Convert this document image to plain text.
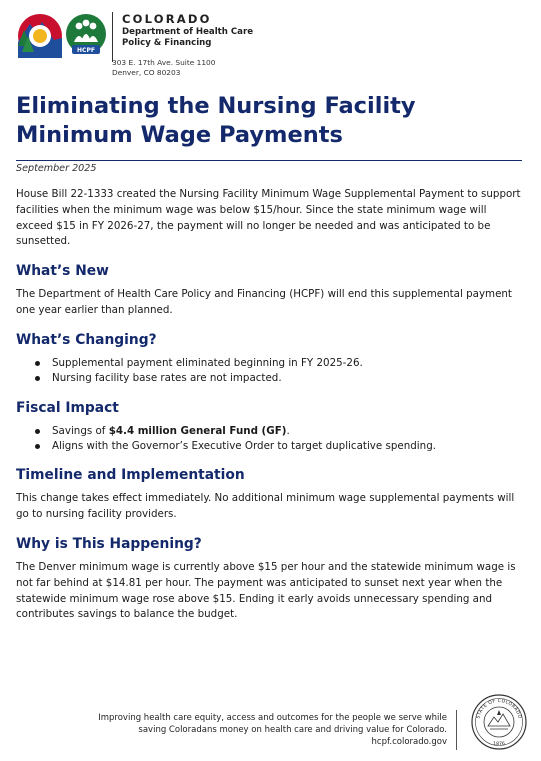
HCPF
COLORADO
Department of Health Care
Policy & Financing
303 E. 17th Ave. Suite 1100
Denver, CO 80203
Eliminating the Nursing Facility Minimum Wage Payments
September 2025

House Bill 22-1333 created the Nursing Facility Minimum Wage Supplemental Payment to support facilities when the minimum wage was below $15/hour. Since the state minimum wage will exceed $15 in FY 2026-27, the payment will no longer be needed and was anticipated to be sunsetted.

What’s New

The Department of Health Care Policy and Financing (HCPF) will end this supplemental payment one year earlier than planned.

What’s Changing?
Supplemental payment eliminated beginning in FY 2025-26.
Nursing facility base rates are not impacted.
Fiscal Impact
Savings of $4.4 million General Fund (GF).
Aligns with the Governor’s Executive Order to target duplicative spending.
Timeline and Implementation

This change takes effect immediately. No additional minimum wage supplemental payments will go to nursing facility providers.

Why is This Happening?

The Denver minimum wage is currently above $15 per hour and the statewide minimum wage is not far behind at $14.81 per hour. The payment was anticipated to sunset next year when the statewide minimum wage rose above $15. Ending it early avoids unnecessary spending and contributes savings to balance the budget.

Improving health care equity, access and outcomes for the people we serve while
saving Coloradans money on health care and driving value for Colorado.
hcpf.colorado.gov
STATE OF COLORADO
1876
